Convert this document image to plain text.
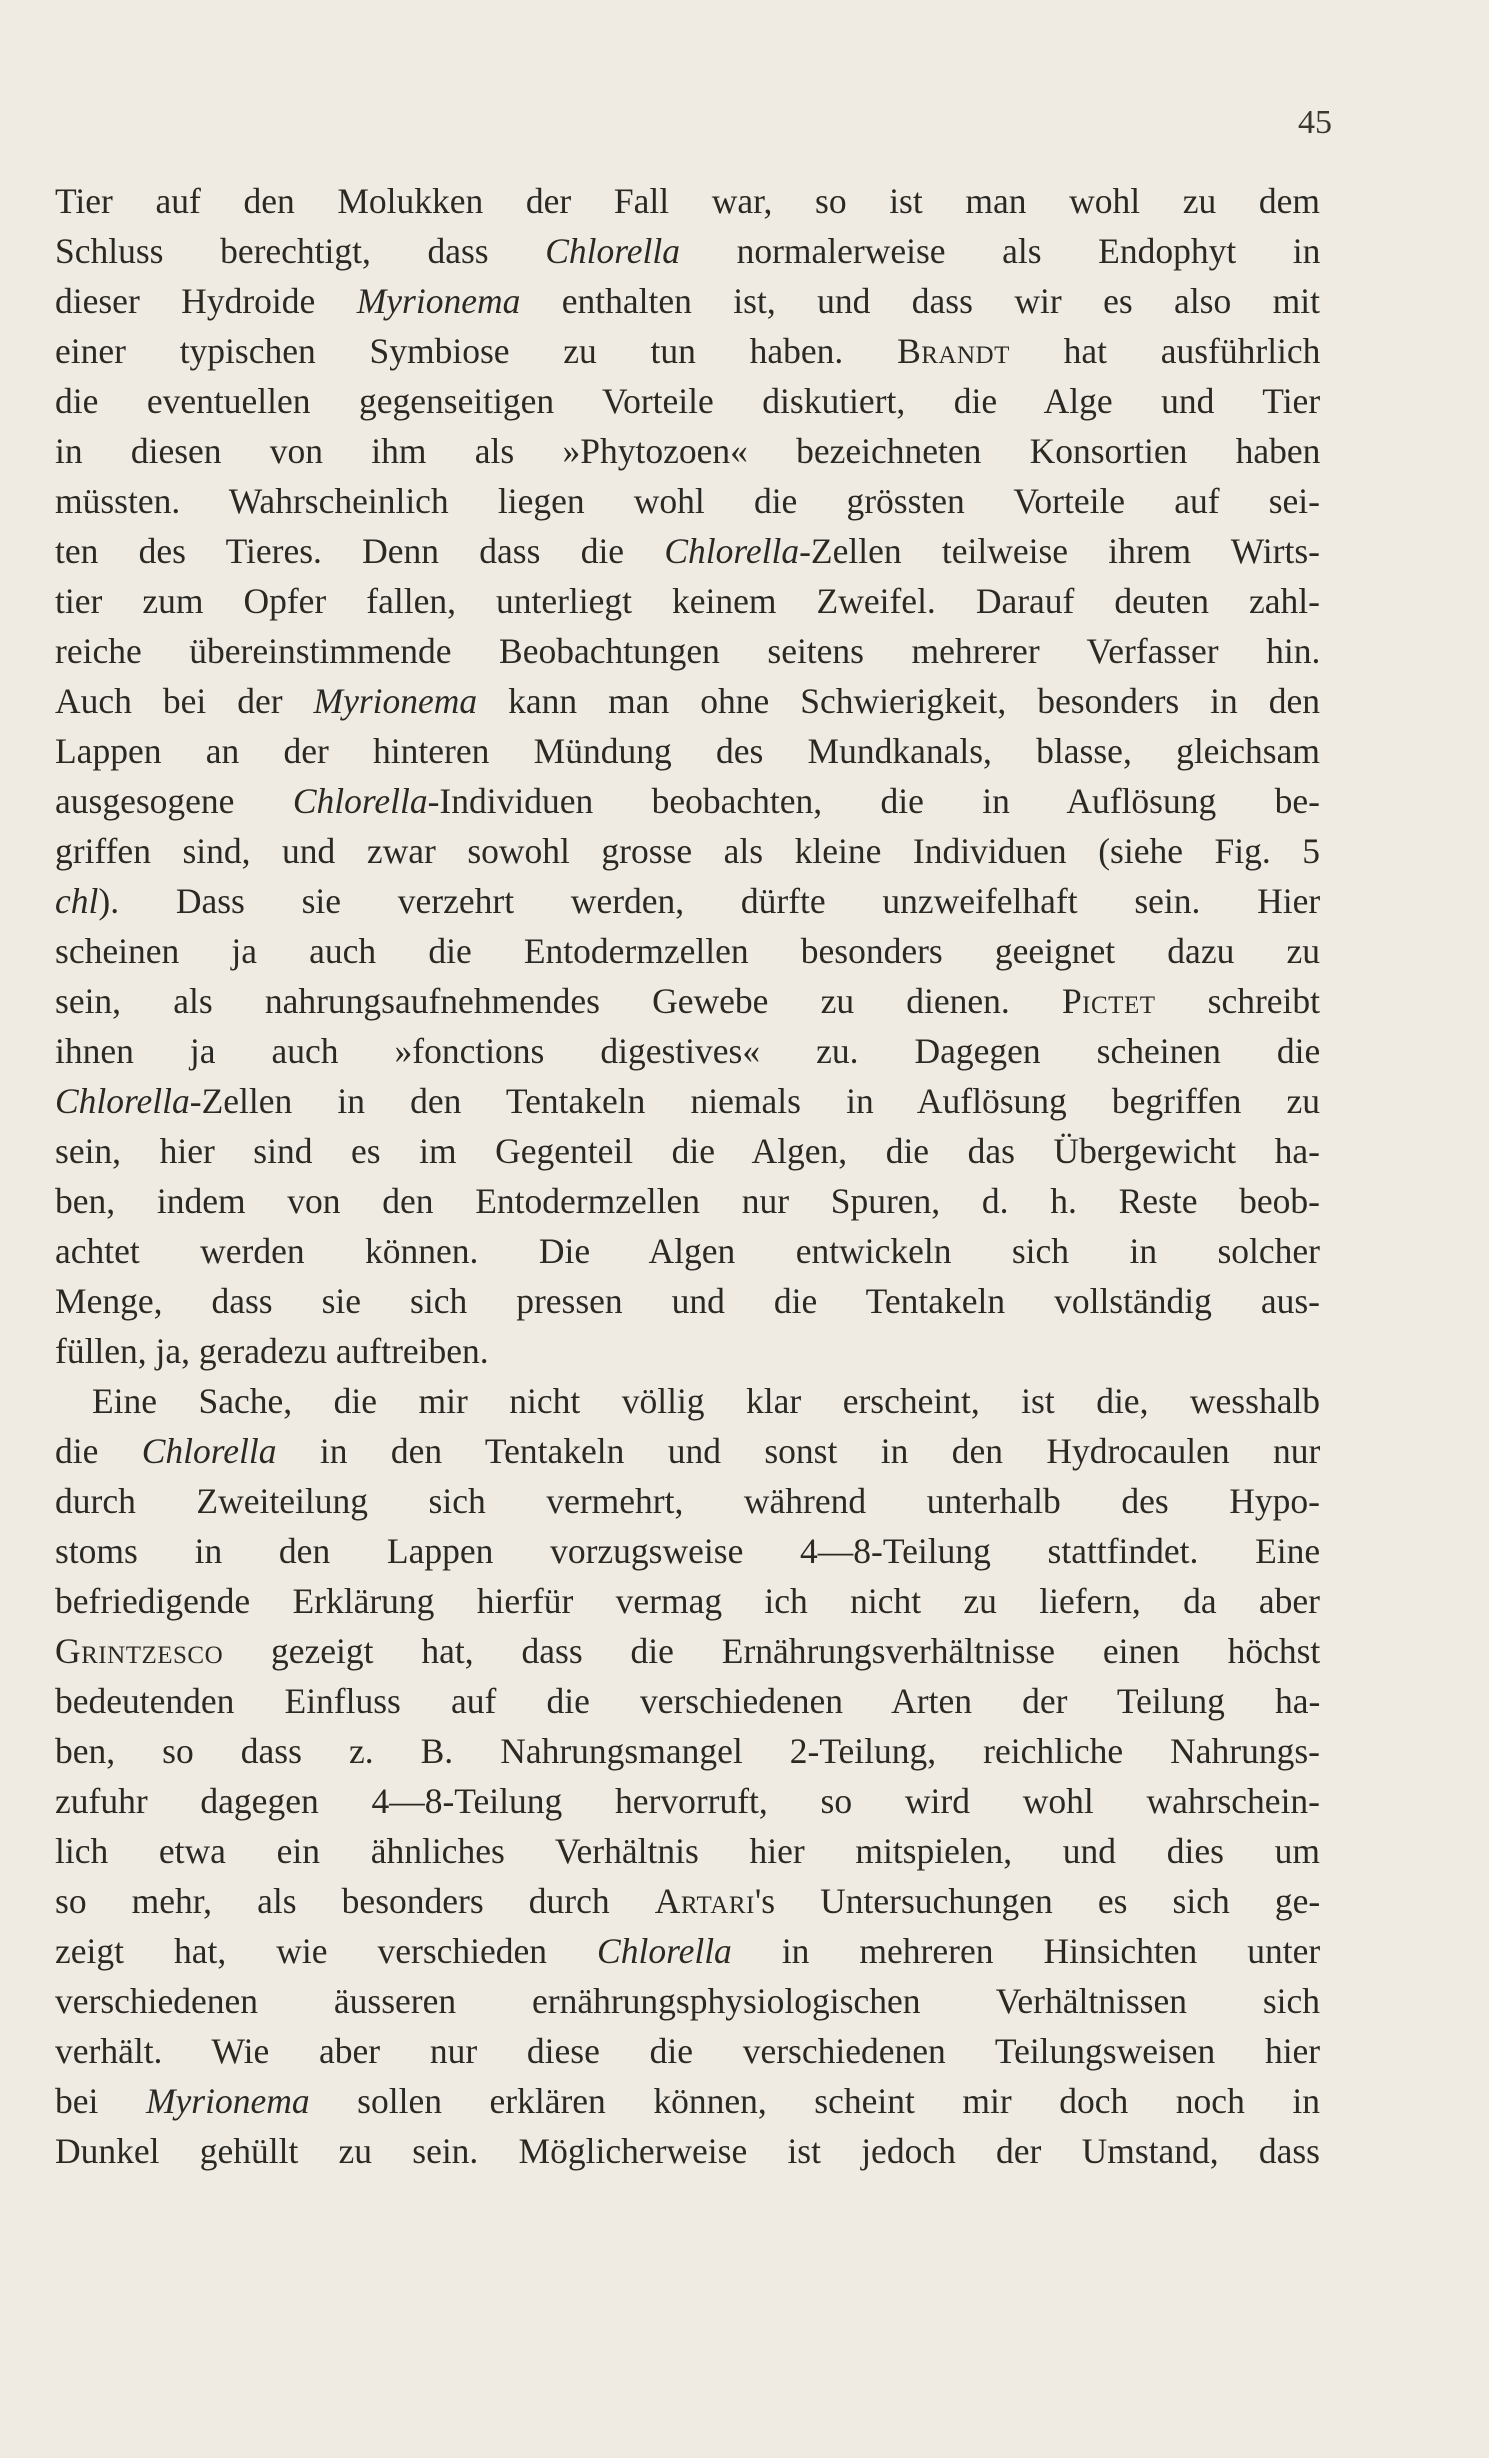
45
Tier auf den Molukken der Fall war, so ist man wohl zu dem
Schluss berechtigt, dass Chlorella normalerweise als Endophyt in
dieser Hydroide Myrionema enthalten ist, und dass wir es also mit
einer typischen Symbiose zu tun haben. Brandt hat ausführlich
die eventuellen gegenseitigen Vorteile diskutiert, die Alge und Tier
in diesen von ihm als »Phytozoen« bezeichneten Konsortien haben
müssten. Wahrscheinlich liegen wohl die grössten Vorteile auf sei-
ten des Tieres. Denn dass die Chlorella-Zellen teilweise ihrem Wirts-
tier zum Opfer fallen, unterliegt keinem Zweifel. Darauf deuten zahl-
reiche übereinstimmende Beobachtungen seitens mehrerer Verfasser hin.
Auch bei der Myrionema kann man ohne Schwierigkeit, besonders in den
Lappen an der hinteren Mündung des Mundkanals, blasse, gleichsam
ausgesogene Chlorella-Individuen beobachten, die in Auflösung be-
griffen sind, und zwar sowohl grosse als kleine Individuen (siehe Fig. 5
chl). Dass sie verzehrt werden, dürfte unzweifelhaft sein. Hier
scheinen ja auch die Entodermzellen besonders geeignet dazu zu
sein, als nahrungsaufnehmendes Gewebe zu dienen. Pictet schreibt
ihnen ja auch »fonctions digestives« zu. Dagegen scheinen die
Chlorella-Zellen in den Tentakeln niemals in Auflösung begriffen zu
sein, hier sind es im Gegenteil die Algen, die das Übergewicht ha-
ben, indem von den Entodermzellen nur Spuren, d. h. Reste beob-
achtet werden können. Die Algen entwickeln sich in solcher
Menge, dass sie sich pressen und die Tentakeln vollständig aus-
füllen, ja, geradezu auftreiben.
Eine Sache, die mir nicht völlig klar erscheint, ist die, wesshalb
die Chlorella in den Tentakeln und sonst in den Hydrocaulen nur
durch Zweiteilung sich vermehrt, während unterhalb des Hypo-
stoms in den Lappen vorzugsweise 4—8-Teilung stattfindet. Eine
befriedigende Erklärung hierfür vermag ich nicht zu liefern, da aber
Grintzesco gezeigt hat, dass die Ernährungsverhältnisse einen höchst
bedeutenden Einfluss auf die verschiedenen Arten der Teilung ha-
ben, so dass z. B. Nahrungsmangel 2-Teilung, reichliche Nahrungs-
zufuhr dagegen 4—8-Teilung hervorruft, so wird wohl wahrschein-
lich etwa ein ähnliches Verhältnis hier mitspielen, und dies um
so mehr, als besonders durch Artari's Untersuchungen es sich ge-
zeigt hat, wie verschieden Chlorella in mehreren Hinsichten unter
verschiedenen äusseren ernährungsphysiologischen Verhältnissen sich
verhält. Wie aber nur diese die verschiedenen Teilungsweisen hier
bei Myrionema sollen erklären können, scheint mir doch noch in
Dunkel gehüllt zu sein. Möglicherweise ist jedoch der Umstand, dass
